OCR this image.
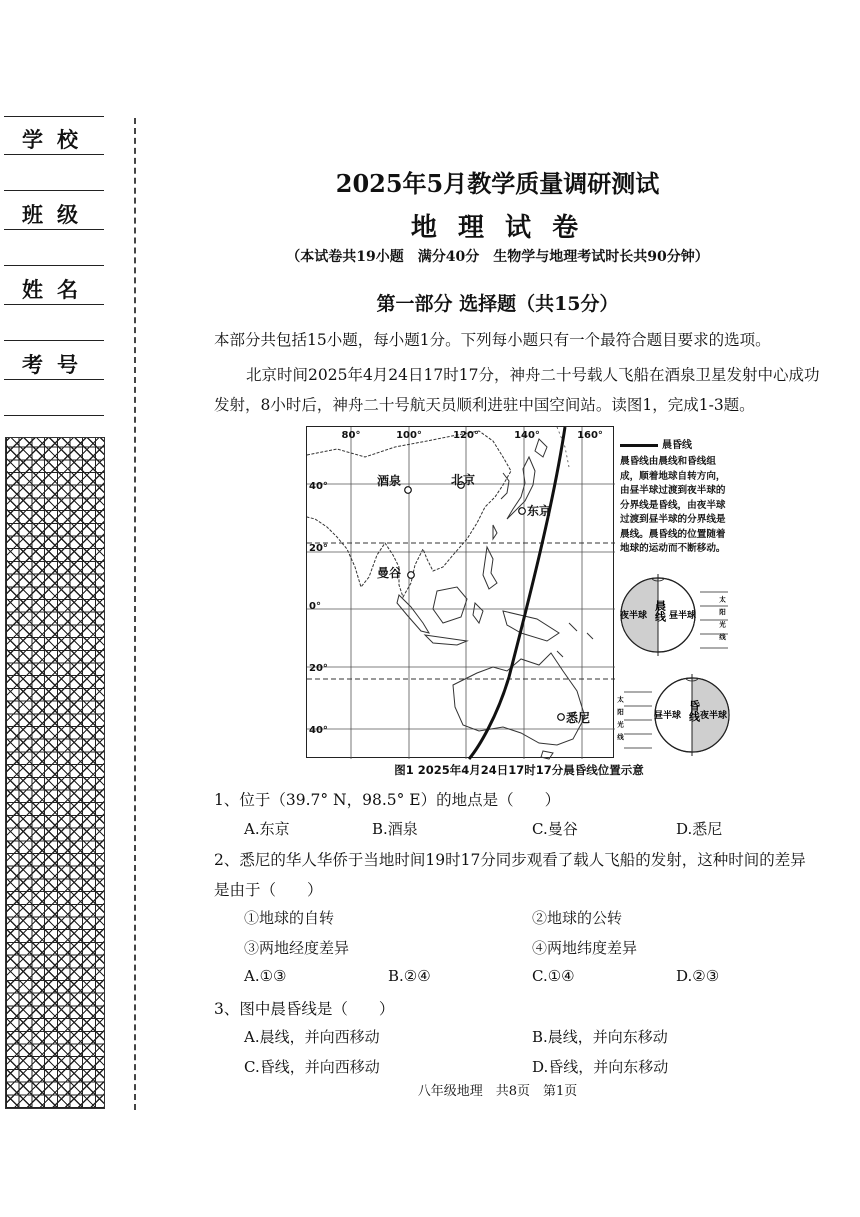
学校
班级
姓名
考号
2025年5月教学质量调研测试
地 理 试 卷
（本试卷共19小题　满分40分　生物学与地理考试时长共90分钟）
第一部分 选择题（共15分）
本部分共包括15小题，每小题1分。下列每小题只有一个最符合题目要求的选项。
北京时间2025年4月24日17时17分，神舟二十号载人飞船在酒泉卫星发射中心成功发射，8小时后，神舟二十号航天员顺利进驻中国空间站。读图1，完成1-3题。
40°
20°
0°
20°
40°
80°	100°	120°	140°	160°
酒泉	北京
东京
曼谷
悉尼
夜半球 昼半球
晨线	太阳光线
昼半球 夜半球
昏线
太阳光线
晨昏线
晨昏线由晨线和昏线组成，顺着地球自转方向，由昼半球过渡到夜半球的分界线是昏线，由夜半球过渡到昼半球的分界线是晨线。晨昏线的位置随着地球的运动而不断移动。
图1 2025年4月24日17时17分晨昏线位置示意
1、位于（39.7° N，98.5° E）的地点是（　　）
A.东京	B.酒泉	C.曼谷	D.悉尼
2、悉尼的华人华侨于当地时间19时17分同步观看了载人飞船的发射，这种时间的差异
是由于（　　）
①地球的自转	②地球的公转
③两地经度差异	④两地纬度差异
A.①③	B.②④	C.①④	D.②③
3、图中晨昏线是（　　）
A.晨线，并向西移动	B.晨线，并向东移动
C.昏线，并向西移动	D.昏线，并向东移动
八年级地理　共8页　第1页
